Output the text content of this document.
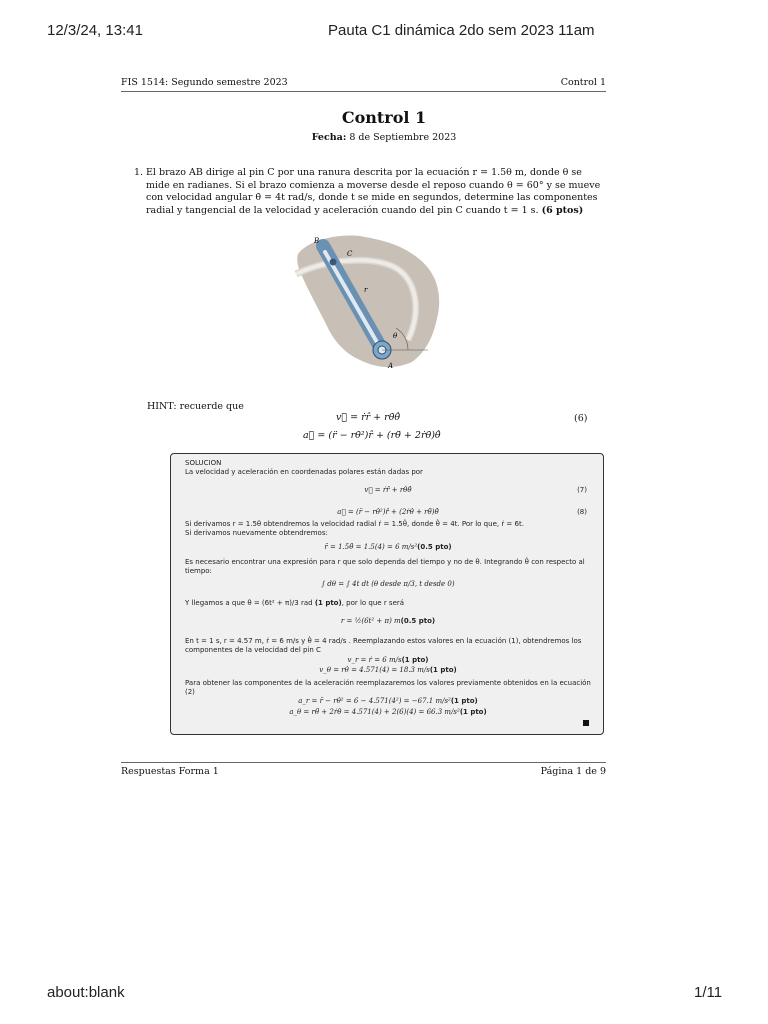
12/3/24, 13:41	Pauta C1 dinámica 2do sem 2023 11am
FIS 1514: Segundo semestre 2023	Control 1
Control 1
Fecha: 8 de Septiembre 2023
1. El brazo AB dirige al pin C por una ranura descrita por la ecuación r = 1.5θ m, donde θ se mide en radianes. Si el brazo comienza a moverse desde el reposo cuando θ = 60° y se mueve con velocidad angular θ̇ = 4t rad/s, donde t se mide en segundos, determine las componentes radial y tangencial de la velocidad y aceleración cuando del pin C cuando t = 1 s. (6 ptos)
B
C
r
θ
A
HINT: recuerde que
v⃗ = ṙr̂ + rθ̇θ̂	(6)
a⃗ = (r̈ − rθ̇²)r̂ + (rθ̈ + 2ṙθ̇)θ̂
SOLUCION
La velocidad y aceleración en coordenadas polares están dadas por
v⃗ = ṙr̂ + rθ̇θ̂	(7)
a⃗ = (r̈ − rθ̇²)r̂ + (2ṙθ̇ + rθ̈)θ̂	(8)
Si derivamos r = 1.5θ obtendremos la velocidad radial ṙ = 1.5θ̇, donde θ̇ = 4t. Por lo que, ṙ = 6t.
Si derivamos nuevamente obtendremos:
r̈ = 1.5θ̈ = 1.5(4) = 6 m/s²(0.5 pto)
Es necesario encontrar una expresión para r que solo dependa del tiempo y no de θ. Integrando θ̇ con respecto al
tiempo:
∫ dθ = ∫ 4t dt (θ desde π/3, t desde 0)
Y llegamos a que θ = (6t² + π)/3 rad (1 pto), por lo que r será
r = ½(6t² + π) m(0.5 pto)
En t = 1 s, r = 4.57 m, ṙ = 6 m/s y θ̇ = 4 rad/s . Reemplazando estos valores en la ecuación (1), obtendremos los
componentes de la velocidad del pin C
v_r = ṙ = 6 m/s(1 pto)
v_θ = rθ̇ = 4.571(4) = 18.3 m/s(1 pto)
Para obtener las componentes de la aceleración reemplazaremos los valores previamente obtenidos en la ecuación
(2)
a_r = r̈ − rθ̇² = 6 − 4.571(4²) = −67.1 m/s²(1 pto)
a_θ = rθ̈ + 2ṙθ̇ = 4.571(4) + 2(6)(4) = 66.3 m/s²(1 pto)
Respuestas Forma 1	Página 1 de 9
about:blank	1/11
